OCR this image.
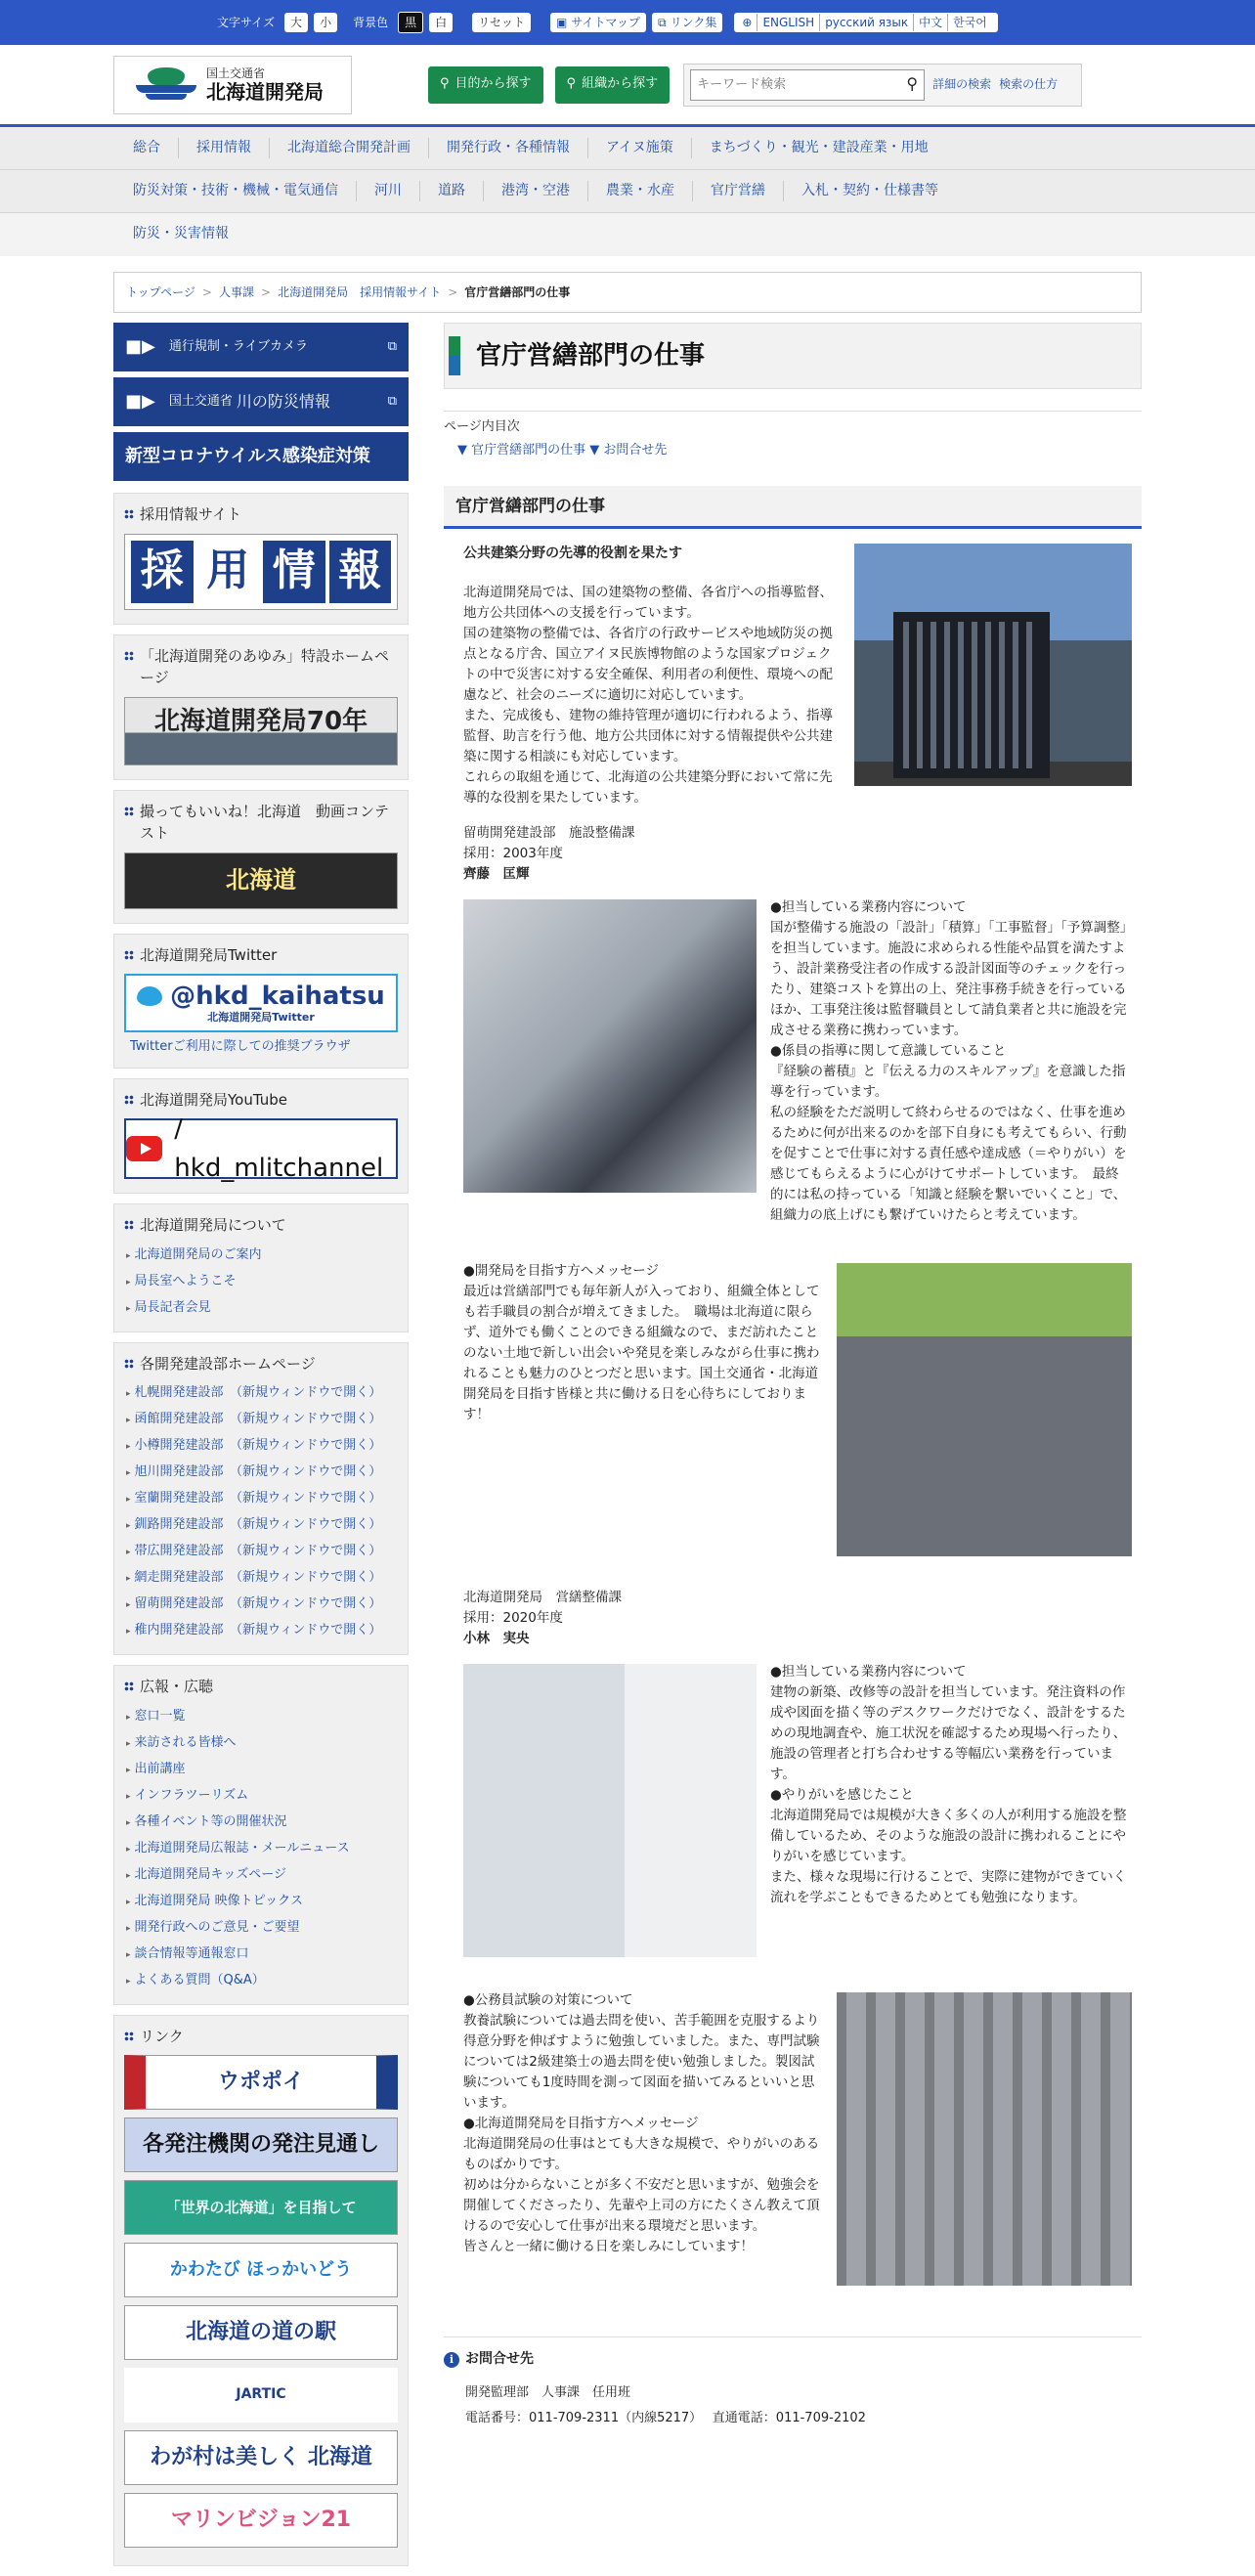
文字サイズ	大	小	背景色	黒	白	リセット	▣ サイトマップ ⧉ リンク集 ⊕ ENGLISH русский язык 中文 한국어
国土交通省
北海道開発局	⚲ 目的から探す	⚲ 組織から探す
キーワード検索	⚲ 詳細の検索 検索の仕方
総合	採用情報	北海道総合開発計画	開発行政・各種情報	アイヌ施策	まちづくり・観光・建設産業・用地
防災対策・技術・機械・電気通信	河川	道路	港湾・空港	農業・水産	官庁営繕	入札・契約・仕様書等
防災・災害情報
トップページ > 人事課 > 北海道開発局　採用情報サイト > 官庁営繕部門の仕事
■▶ 通行規制・ライブカメラ	⧉
■▶ 国土交通省 川の防災情報	⧉
新型コロナウイルス感染症対策
採用情報サイト
採 用 情 報
「北海道開発のあゆみ」特設ホームページ
北海道開発局70年
撮ってもいいね！北海道　動画コンテスト
北海道
北海道開発局Twitter
@hkd_kaihatsu
北海道開発局Twitter
Twitterご利用に際しての推奨ブラウザ
北海道開発局YouTube
/ hkd_mlitchannel
北海道開発局について
▸ 北海道開発局のご案内
▸ 局長室へようこそ
▸ 局長記者会見
各開発建設部ホームページ
▸ 札幌開発建設部　（新規ウィンドウで開く）
▸ 函館開発建設部　（新規ウィンドウで開く）
▸ 小樽開発建設部　（新規ウィンドウで開く）
▸ 旭川開発建設部　（新規ウィンドウで開く）
▸ 室蘭開発建設部　（新規ウィンドウで開く）
▸ 釧路開発建設部　（新規ウィンドウで開く）
▸ 帯広開発建設部　（新規ウィンドウで開く）
▸ 網走開発建設部　（新規ウィンドウで開く）
▸ 留萌開発建設部　（新規ウィンドウで開く）
▸ 稚内開発建設部　（新規ウィンドウで開く）
広報・広聴
▸ 窓口一覧
▸ 来訪される皆様へ
▸ 出前講座
▸ インフラツーリズム
▸ 各種イベント等の開催状況
▸ 北海道開発局広報誌・メールニュース
▸ 北海道開発局キッズページ
▸ 北海道開発局 映像トピックス
▸ 開発行政へのご意見・ご要望
▸ 談合情報等通報窓口
▸ よくある質問（Q&A）
リンク
ウポポイ
各発注機関の発注見通し
「世界の北海道」を目指して
かわたび ほっかいどう
北海道の道の駅
JARTIC
わが村は美しく 北海道
マリンビジョン21
官庁営繕部門の仕事
ページ内目次
▼ 官庁営繕部門の仕事 ▼ お問合せ先
官庁営繕部門の仕事
公共建築分野の先導的役割を果たす
北海道開発局では、国の建築物の整備、各省庁への指導監督、地方公共団体への支援を行っています。
国の建築物の整備では、各省庁の行政サービスや地域防災の拠点となる庁舎、国立アイヌ民族博物館のような国家プロジェクトの中で災害に対する安全確保、利用者の利便性、環境への配慮など、社会のニーズに適切に対応しています。
また、完成後も、建物の維持管理が適切に行われるよう、指導監督、助言を行う他、地方公共団体に対する情報提供や公共建築に関する相談にも対応しています。
これらの取組を通じて、北海道の公共建築分野において常に先導的な役割を果たしています。
留萌開発建設部　施設整備課
採用：2003年度
齊藤　匡輝
●担当している業務内容について
国が整備する施設の「設計」「積算」「工事監督」「予算調整」を担当しています。施設に求められる性能や品質を満たすよう、設計業務受注者の作成する設計図面等のチェックを行ったり、建築コストを算出の上、発注事務手続きを行っているほか、工事発注後は監督職員として請負業者と共に施設を完成させる業務に携わっています。
●係員の指導に関して意識していること
『経験の蓄積』と『伝える力のスキルアップ』を意識した指導を行っています。
私の経験をただ説明して終わらせるのではなく、仕事を進めるために何が出来るのかを部下自身にも考えてもらい、行動を促すことで仕事に対する責任感や達成感（＝やりがい）を感じてもらえるように心がけてサポートしています。　最終的には私の持っている「知識と経験を繋いでいくこと」で、組織力の底上げにも繋げていけたらと考えています。
●開発局を目指す方へメッセージ
最近は営繕部門でも毎年新人が入っており、組織全体としても若手職員の割合が増えてきました。　職場は北海道に限らず、道外でも働くことのできる組織なので、まだ訪れたことのない土地で新しい出会いや発見を楽しみながら仕事に携われることも魅力のひとつだと思います。国土交通省・北海道開発局を目指す皆様と共に働ける日を心待ちにしております！
北海道開発局　営繕整備課
採用：2020年度
小林　実央
●担当している業務内容について
建物の新築、改修等の設計を担当しています。発注資料の作成や図面を描く等のデスクワークだけでなく、設計をするための現地調査や、施工状況を確認するため現場へ行ったり、施設の管理者と打ち合わせする等幅広い業務を行っています。
●やりがいを感じたこと
北海道開発局では規模が大きく多くの人が利用する施設を整備しているため、そのような施設の設計に携われることにやりがいを感じています。
また、様々な現場に行けることで、実際に建物ができていく流れを学ぶこともできるためとても勉強になります。
●公務員試験の対策について
教養試験については過去問を使い、苦手範囲を克服するより得意分野を伸ばすように勉強していました。また、専門試験については2級建築士の過去問を使い勉強しました。製図試験についても1度時間を測って図面を描いてみるといいと思います。
●北海道開発局を目指す方へメッセージ
北海道開発局の仕事はとても大きな規模で、やりがいのあるものばかりです。
初めは分からないことが多く不安だと思いますが、勉強会を開催してくださったり、先輩や上司の方にたくさん教えて頂けるので安心して仕事が出来る環境だと思います。
皆さんと一緒に働ける日を楽しみにしています！
i お問合せ先
開発監理部　人事課　任用班
電話番号：011-709-2311（内線5217）　 直通電話：011-709-2102
